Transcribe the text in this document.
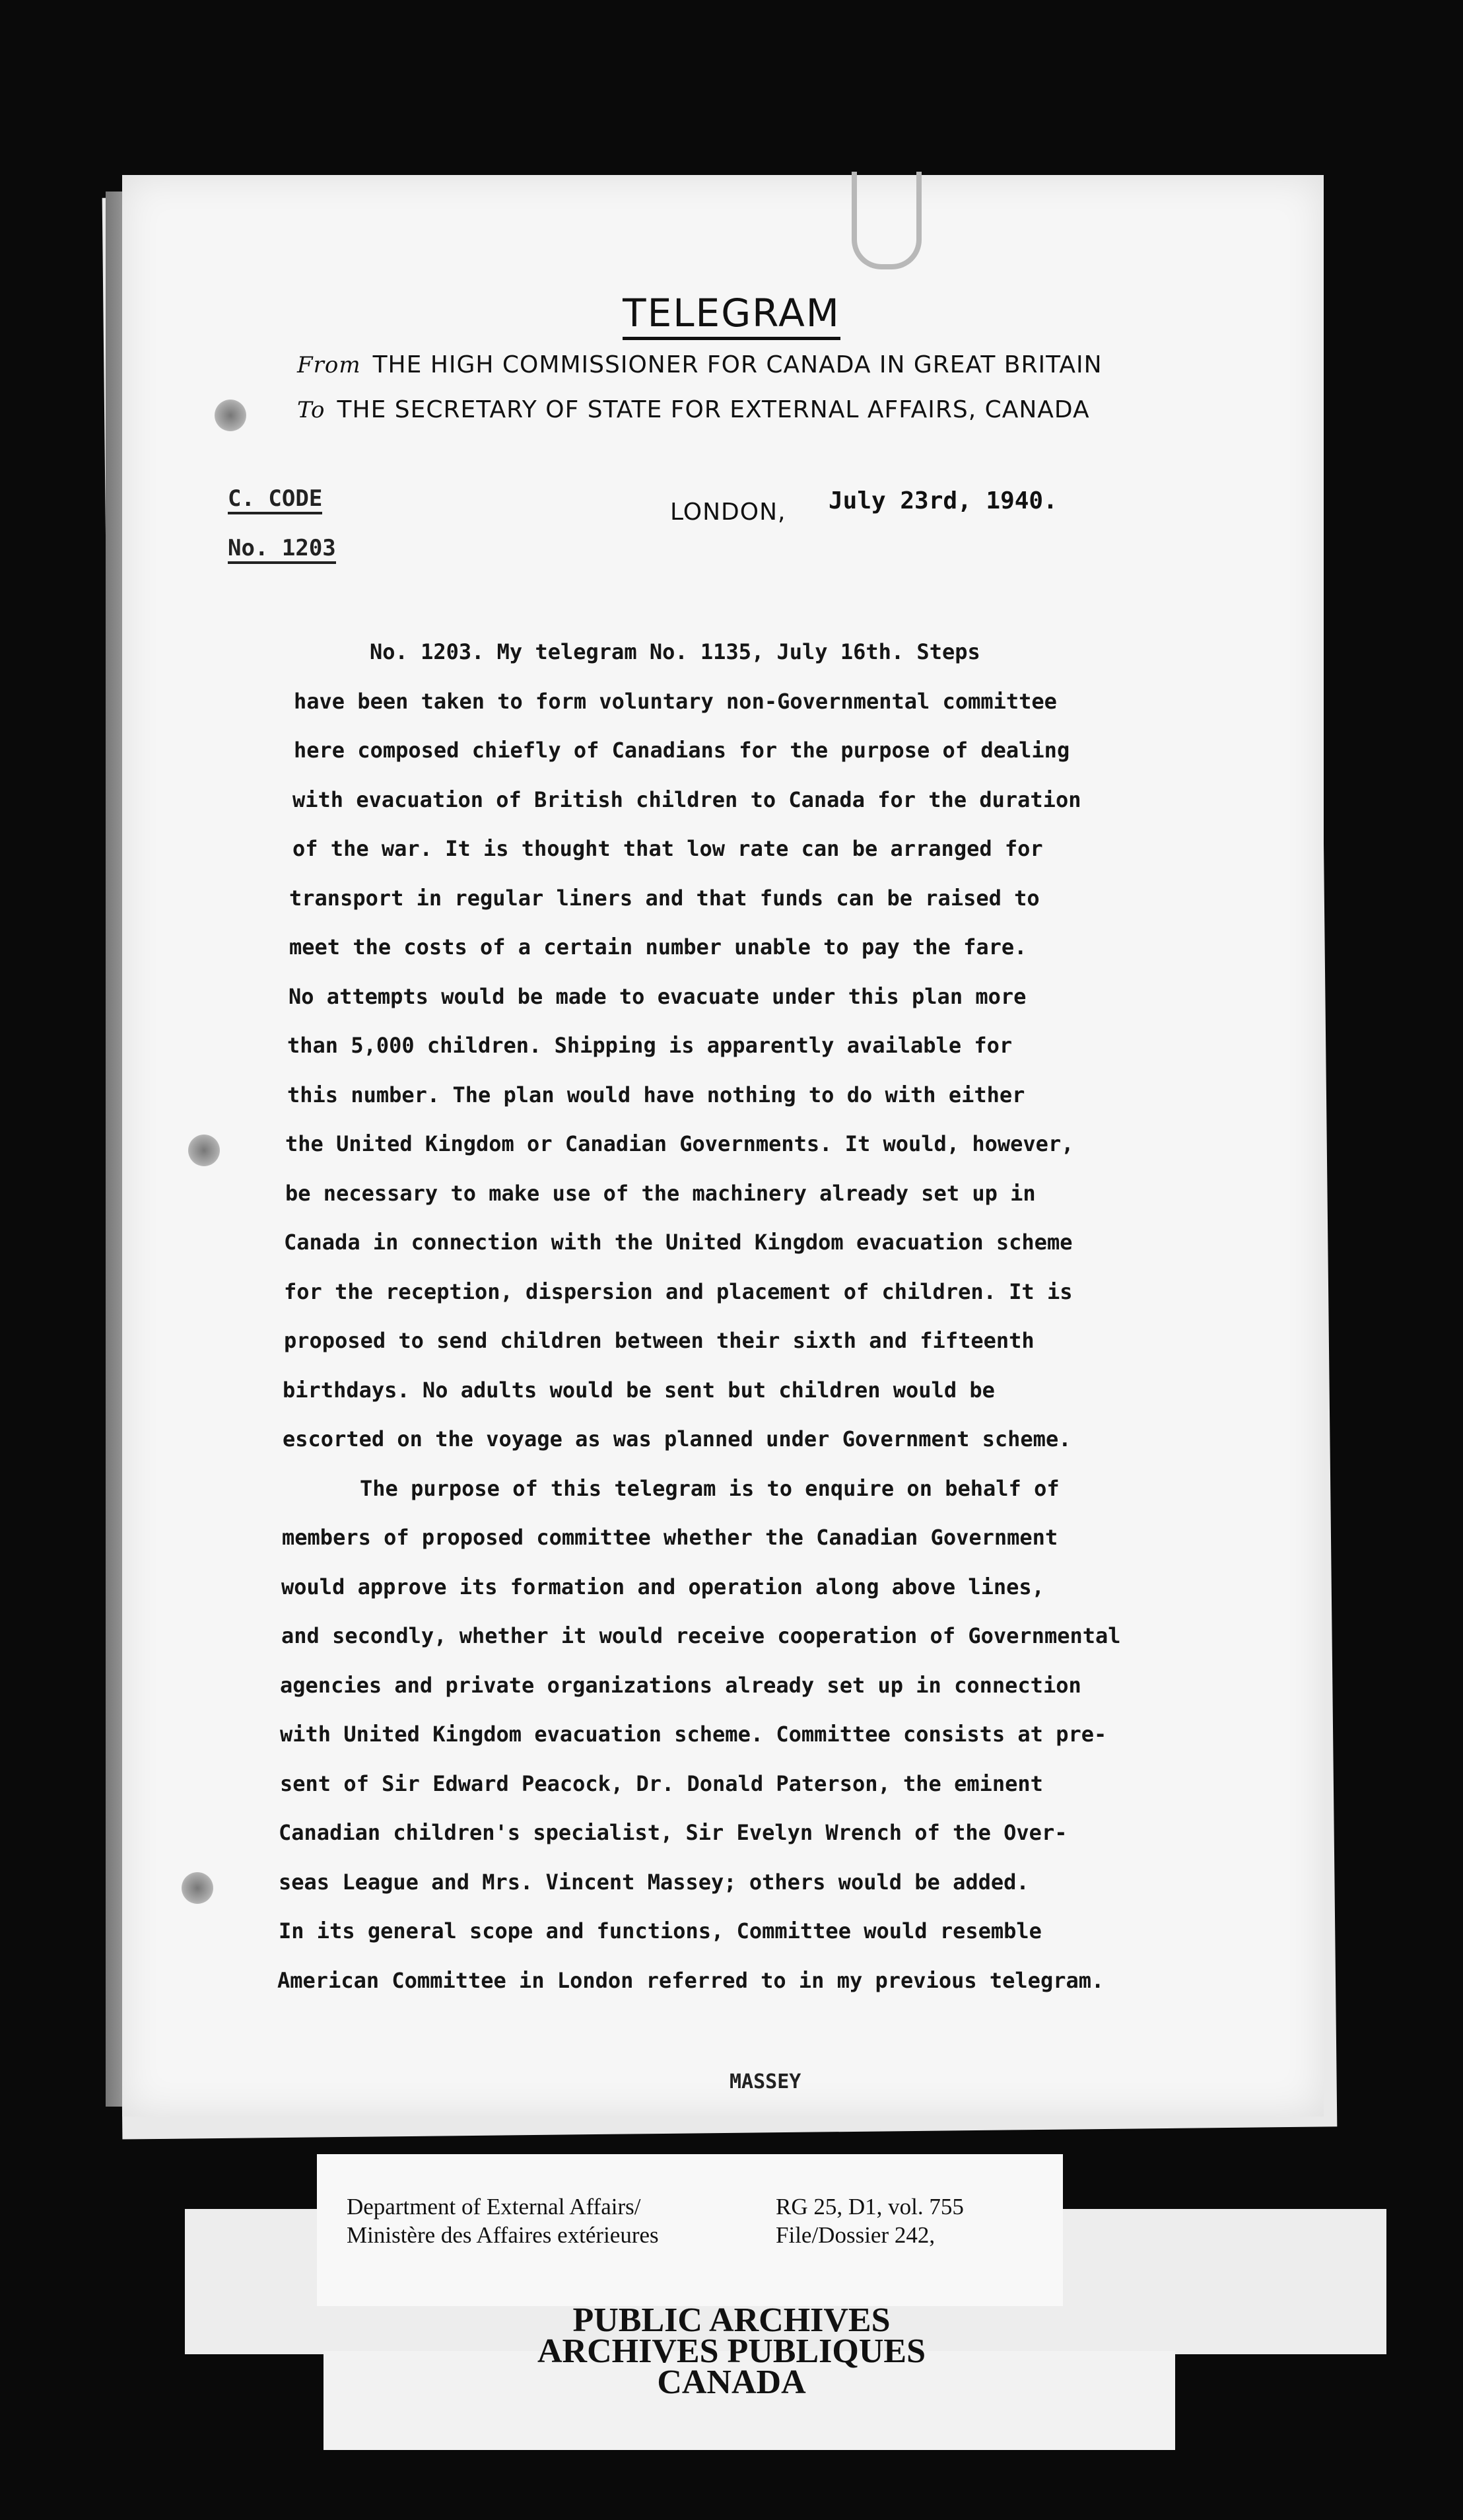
TELEGRAM
From THE HIGH COMMISSIONER FOR CANADA IN GREAT BRITAIN
To THE SECRETARY OF STATE FOR EXTERNAL AFFAIRS, CANADA
C. CODE
No. 1203
LONDON, July 23rd, 1940.
No. 1203. My telegram No. 1135, July 16th. Steps
have been taken to form voluntary non-Governmental committee
here composed chiefly of Canadians for the purpose of dealing
with evacuation of British children to Canada for the duration
of the war. It is thought that low rate can be arranged for
transport in regular liners and that funds can be raised to
meet the costs of a certain number unable to pay the fare.
No attempts would be made to evacuate under this plan more
than 5,000 children. Shipping is apparently available for
this number. The plan would have nothing to do with either
the United Kingdom or Canadian Governments. It would, however,
be necessary to make use of the machinery already set up in
Canada in connection with the United Kingdom evacuation scheme
for the reception, dispersion and placement of children. It is
proposed to send children between their sixth and fifteenth
birthdays. No adults would be sent but children would be
escorted on the voyage as was planned under Government scheme.
The purpose of this telegram is to enquire on behalf of
members of proposed committee whether the Canadian Government
would approve its formation and operation along above lines,
and secondly, whether it would receive cooperation of Governmental
agencies and private organizations already set up in connection
with United Kingdom evacuation scheme. Committee consists at pre-
sent of Sir Edward Peacock, Dr. Donald Paterson, the eminent
Canadian children's specialist, Sir Evelyn Wrench of the Over-
seas League and Mrs. Vincent Massey; others would be added.
In its general scope and functions, Committee would resemble
American Committee in London referred to in my previous telegram.
MASSEY
Department of External Affairs/
Ministère des Affaires extérieures
RG 25, D1, vol. 755
File/Dossier 242,
PUBLIC ARCHIVES
ARCHIVES PUBLIQUES
CANADA
